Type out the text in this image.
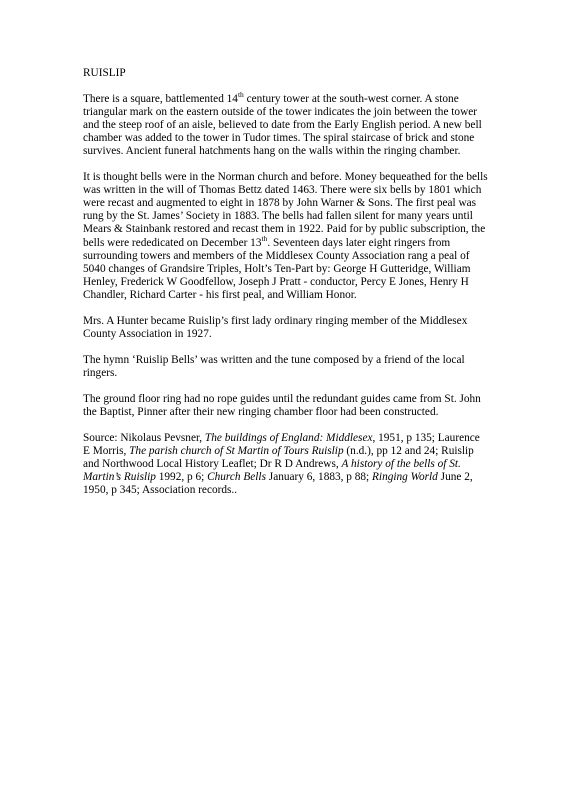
RUISLIP

There is a square, battlemented 14th century tower at the south-west corner. A stone triangular mark on the eastern outside of the tower indicates the join between the tower and the steep roof of an aisle, believed to date from the Early English period. A new bell chamber was added to the tower in Tudor times. The spiral staircase of brick and stone survives. Ancient funeral hatchments hang on the walls within the ringing chamber.

It is thought bells were in the Norman church and before. Money bequeathed for the bells was written in the will of Thomas Bettz dated 1463. There were six bells by 1801 which were recast and augmented to eight in 1878 by John Warner & Sons. The first peal was rung by the St. James’ Society in 1883. The bells had fallen silent for many years until Mears & Stainbank restored and recast them in 1922. Paid for by public subscription, the bells were rededicated on December 13th. Seventeen days later eight ringers from surrounding towers and members of the Middlesex County Association rang a peal of 5040 changes of Grandsire Triples, Holt’s Ten-Part by: George H Gutteridge, William Henley, Frederick W Goodfellow, Joseph J Pratt - conductor, Percy E Jones, Henry H Chandler, Richard Carter - his first peal, and William Honor.

Mrs. A Hunter became Ruislip’s first lady ordinary ringing member of the Middlesex County Association in 1927.

The hymn ‘Ruislip Bells’ was written and the tune composed by a friend of the local ringers.

The ground floor ring had no rope guides until the redundant guides came from St. John the Baptist, Pinner after their new ringing chamber floor had been constructed.

Source: Nikolaus Pevsner, The buildings of England: Middlesex, 1951, p 135; Laurence E Morris, The parish church of St Martin of Tours Ruislip (n.d.), pp 12 and 24; Ruislip and Northwood Local History Leaflet; Dr R D Andrews, A history of the bells of St. Martin’s Ruislip 1992, p 6; Church Bells January 6, 1883, p 88; Ringing World June 2, 1950, p 345; Association records..
